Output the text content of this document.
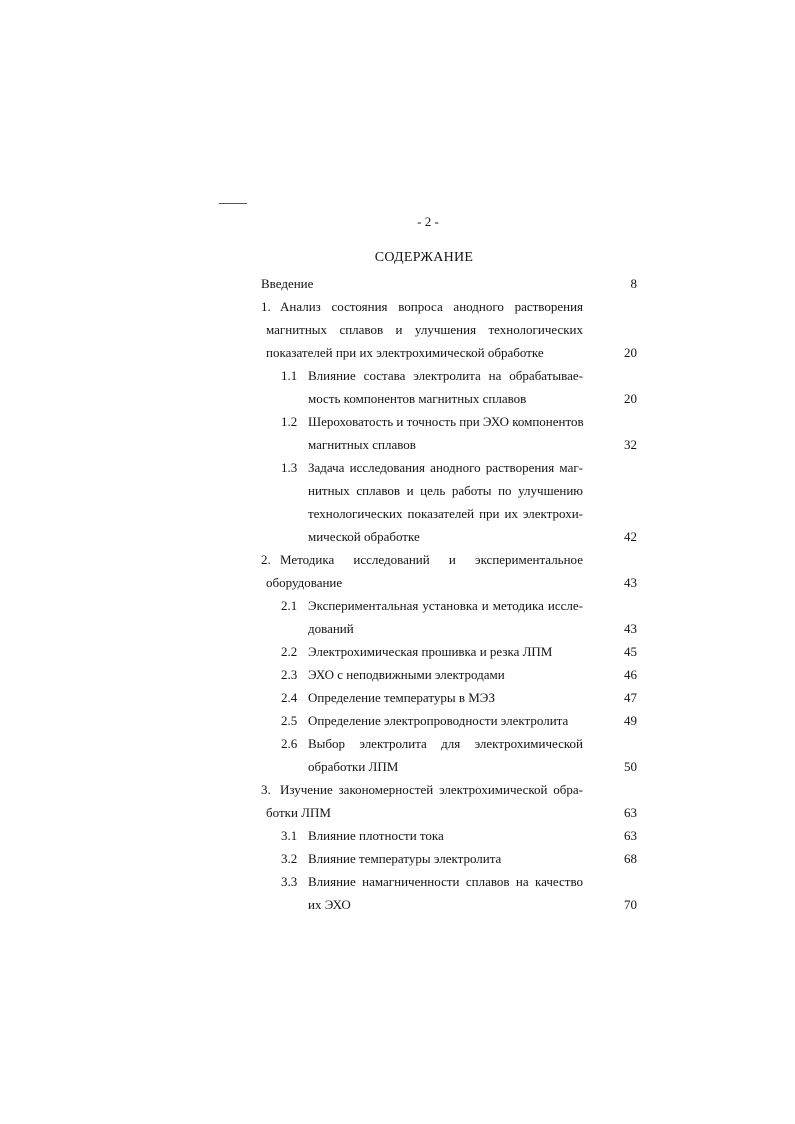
- 2 -
СОДЕРЖАНИЕ
Введение	8
1. Анализ состояния вопроса анодного растворения
магнитных сплавов и улучшения технологических
показателей при их электрохимической обработке	20
1.1 Влияние состава электролита на обрабатывае-
мость компонентов магнитных сплавов	20
1.2 Шероховатость и точность при ЭХО компонентов
магнитных сплавов	32
1.3 Задача исследования анодного растворения маг-
нитных сплавов и цель работы по улучшению
технологических показателей при их электрохи-
мической обработке	42
2. Методика исследований и экспериментальное
оборудование	43
2.1 Экспериментальная установка и методика иссле-
дований	43
2.2 Электрохимическая прошивка и резка ЛПМ	45
2.3 ЭХО с неподвижными электродами	46
2.4 Определение температуры в МЭЗ	47
2.5 Определение электропроводности электролита	49
2.6 Выбор электролита для электрохимической
обработки ЛПМ	50
3. Изучение закономерностей электрохимической обра-
ботки ЛПМ	63
3.1 Влияние плотности тока	63
3.2 Влияние температуры электролита	68
3.3 Влияние намагниченности сплавов на качество
их ЭХО	70
